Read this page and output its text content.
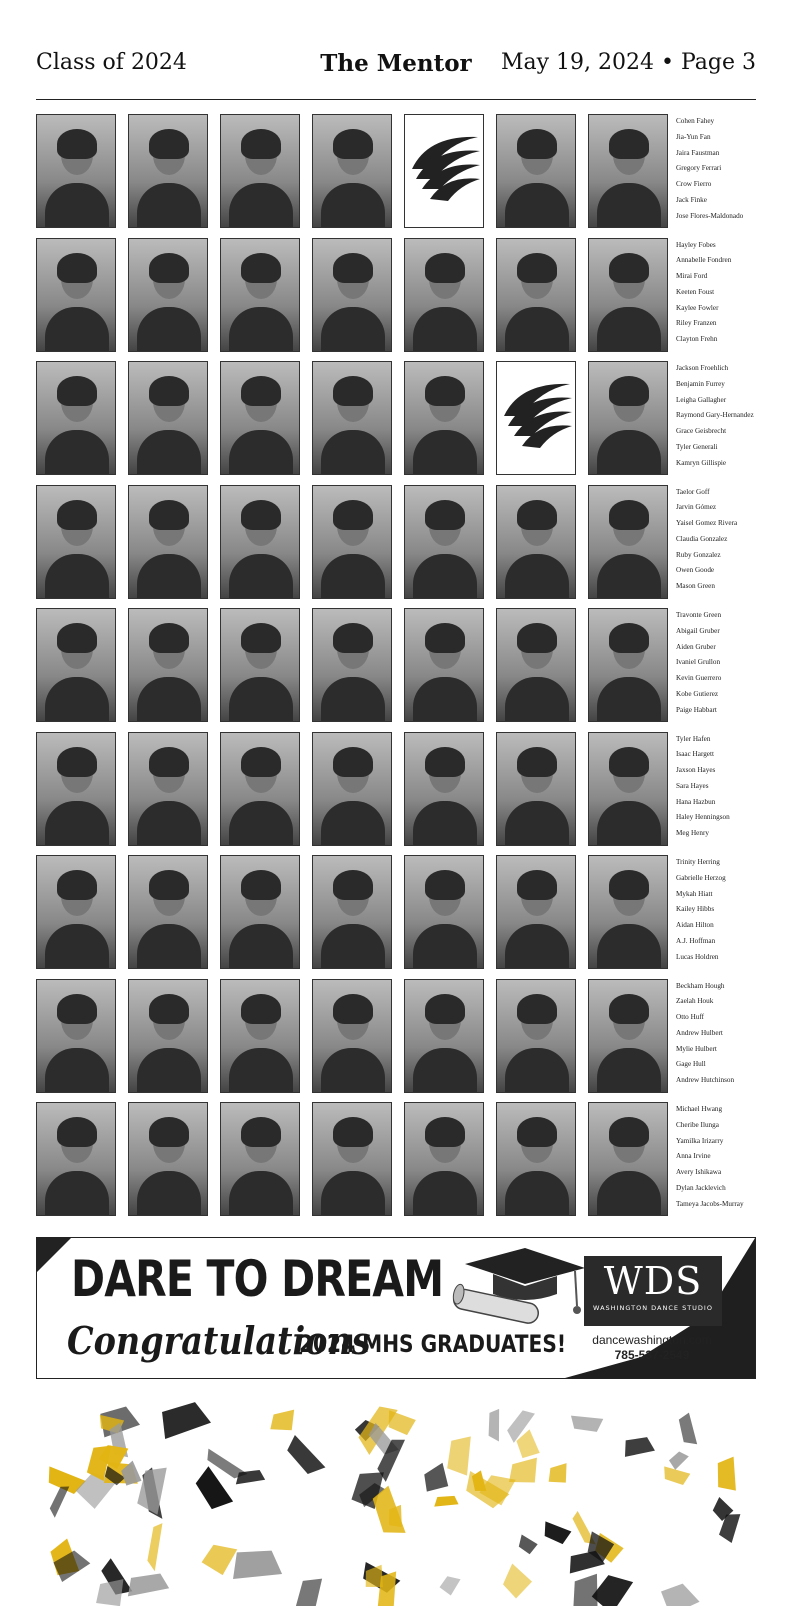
Class of 2024	The Mentor	May 19, 2024 • Page 3
Cohen Fahey
Jia-Yun Fan
Jaira Faustman
Gregory Ferrari
Crow Fierro
Jack Finke
Jose Flores-Maldonado
Hayley Fobes
Annabelle Fondren
Mirai Ford
Keeten Foust
Kaylee Fowler
Riley Franzen
Clayton Frehn
Jackson Froehlich
Benjamin Furrey
Leigha Gallagher
Raymond Gary-Hernandez
Grace Geisbrecht
Tyler Generali
Kamryn Gillispie
Taelor Goff
Jarvin Gómez
Yaisel Gomez Rivera
Claudia Gonzalez
Ruby Gonzalez
Owen Goode
Mason Green
Travonte Green
Abigail Gruber
Aiden Gruber
Ivaniel Grullon
Kevin Guerrero
Kobe Gutierez
Paige Habbart
Tyler Hafen
Isaac Hargett
Jaxson Hayes
Sara Hayes
Hana Hazbun
Haley Henningson
Meg Henry
Trinity Herring
Gabrielle Herzog
Mykah Hiatt
Kailey Hibbs
Aidan Hilton
A.J. Hoffman
Lucas Holdren
Beckham Hough
Zaelah Houk
Otto Huff
Andrew Hulbert
Mylie Hulbert
Gage Hull
Andrew Hutchinson
Michael Hwang
Cheribe Ilunga
Yamilka Irizarry
Anna Irvine
Avery Ishikawa
Dylan Jacklevich
Tameya Jacobs-Murray
DARE TO DREAM
Congratulations
2024 MHS GRADUATES!
WDS
WASHINGTON DANCE STUDIO
dancewashington.com
785-537-2549
